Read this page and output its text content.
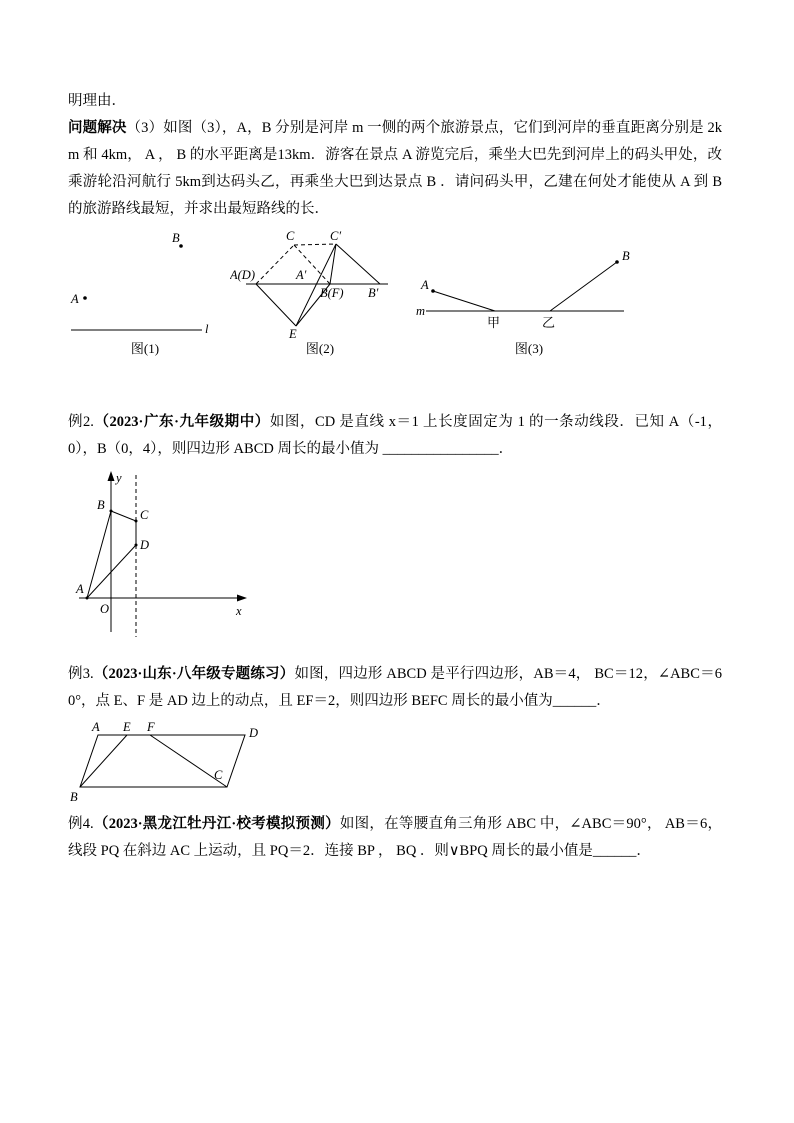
明理由．

问题解决（3）如图（3），A，B 分别是河岸 m 一侧的两个旅游景点，它们到河岸的垂直距离分别是 2km 和 4km， A ， B 的水平距离是13km．游客在景点 A 游览完后，乘坐大巴先到河岸上的码头甲处，改乘游轮沿河航行 5km到达码头乙，再乘坐大巴到达景点 B ．请问码头甲，乙建在何处才能使从 A 到 B 的旅游路线最短，并求出最短路线的长．

B
A
l
图(1)
C	C′
A(D)	A′
B(F) B′
E
图(2)
m
A
B
甲	乙
图(3)

例2.（2023·广东·九年级期中）如图，CD 是直线 x＝1 上长度固定为 1 的一条动线段．已知 A（-1，0），B（0，4），则四边形 ABCD 周长的最小值为 ________________．

y
x
O
A
B
C
D

例3.（2023·山东·八年级专题练习）如图，四边形 ABCD 是平行四边形，AB＝4， BC＝12，∠ABC＝60°，点 E、F 是 AD 边上的动点，且 EF＝2，则四边形 BEFC 周长的最小值为______．

A E F	D
B
C

例4.（2023·黑龙江牡丹江·校考模拟预测）如图，在等腰直角三角形 ABC 中，∠ABC＝90°， AB＝6，线段 PQ 在斜边 AC 上运动，且 PQ＝2．连接 BP ， BQ ．则∨BPQ 周长的最小值是______．
